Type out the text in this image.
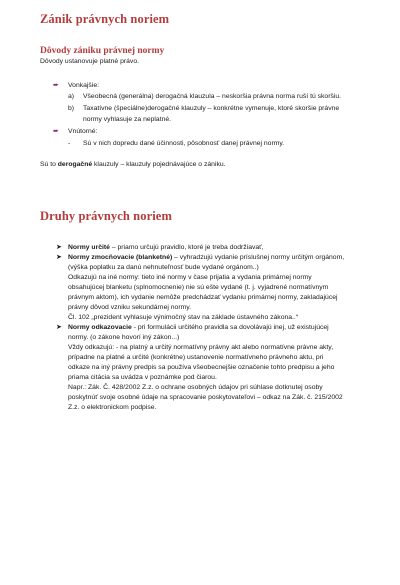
Zánik právnych noriem
Dôvody zániku právnej normy
Dôvody ustanovuje platné právo.
➨ Vonkajšie:
a) Všeobecná (generálna) derogačná klauzula – neskoršia právna norma ruší tú skoršiu.
b) Taxatívne (špeciálne)derogačné klauzuly – konkrétne vymenuje, ktoré skoršie právne
normy vyhlasuje za neplatné.
➨ Vnútorné:
- Sú v nich dopredu dané účinnosti, pôsobnosť danej právnej normy.
Sú to derogačné klauzuly – klauzuly pojednávajúce o zániku.
Druhy právnych noriem
➤ Normy určité – priamo určujú pravidlo, ktoré je treba dodržiavať,
➤ Normy zmocňovacie (blanketné) – vyhradzujú vydanie príslušnej normy určitým orgánom,
(výška poplatku za danú nehnuteľnosť bude vydané orgánom..)
Odkazujú na iné normy: tieto iné normy v čase prijatia a vydania primárnej normy
obsahujúcej blanketu (splnomocnenie) nie sú ešte vydané (t. j. vyjadrené normatívnym
právnym aktom), ich vydanie nemôže predchádzať vydaniu primárnej normy, zakladajúcej
právny dôvod vzniku sekundárnej normy.
Čl. 102 „prezident vyhlasuje výnimočný stav na základe ústavného zákona..“
➤ Normy odkazovacie - pri formulácii určitého pravidla sa dovolávajú inej, už existujúcej
normy. (o zákone hovorí iný zákon...)
Vždy odkazujú: - na platný a určitý normatívny právny akt alebo normatívne právne akty,
prípadne na platné a určité (konkrétne) ustanovenie normatívneho právneho aktu, pri
odkaze na iný právny predpis sa používa všeobecnejšie označenie tohto predpisu a jeho
priama citácia sa uvádza v poznámke pod čiarou.
Napr.: Zák. Č. 428/2002 Z.z. o ochrane osobných údajov pri súhlase dotknutej osoby
poskytnúť svoje osobné údaje na spracovanie poskytovateľovi – odkaz na Zák. č. 215/2002
Z.z. o elektronickom podpise.
